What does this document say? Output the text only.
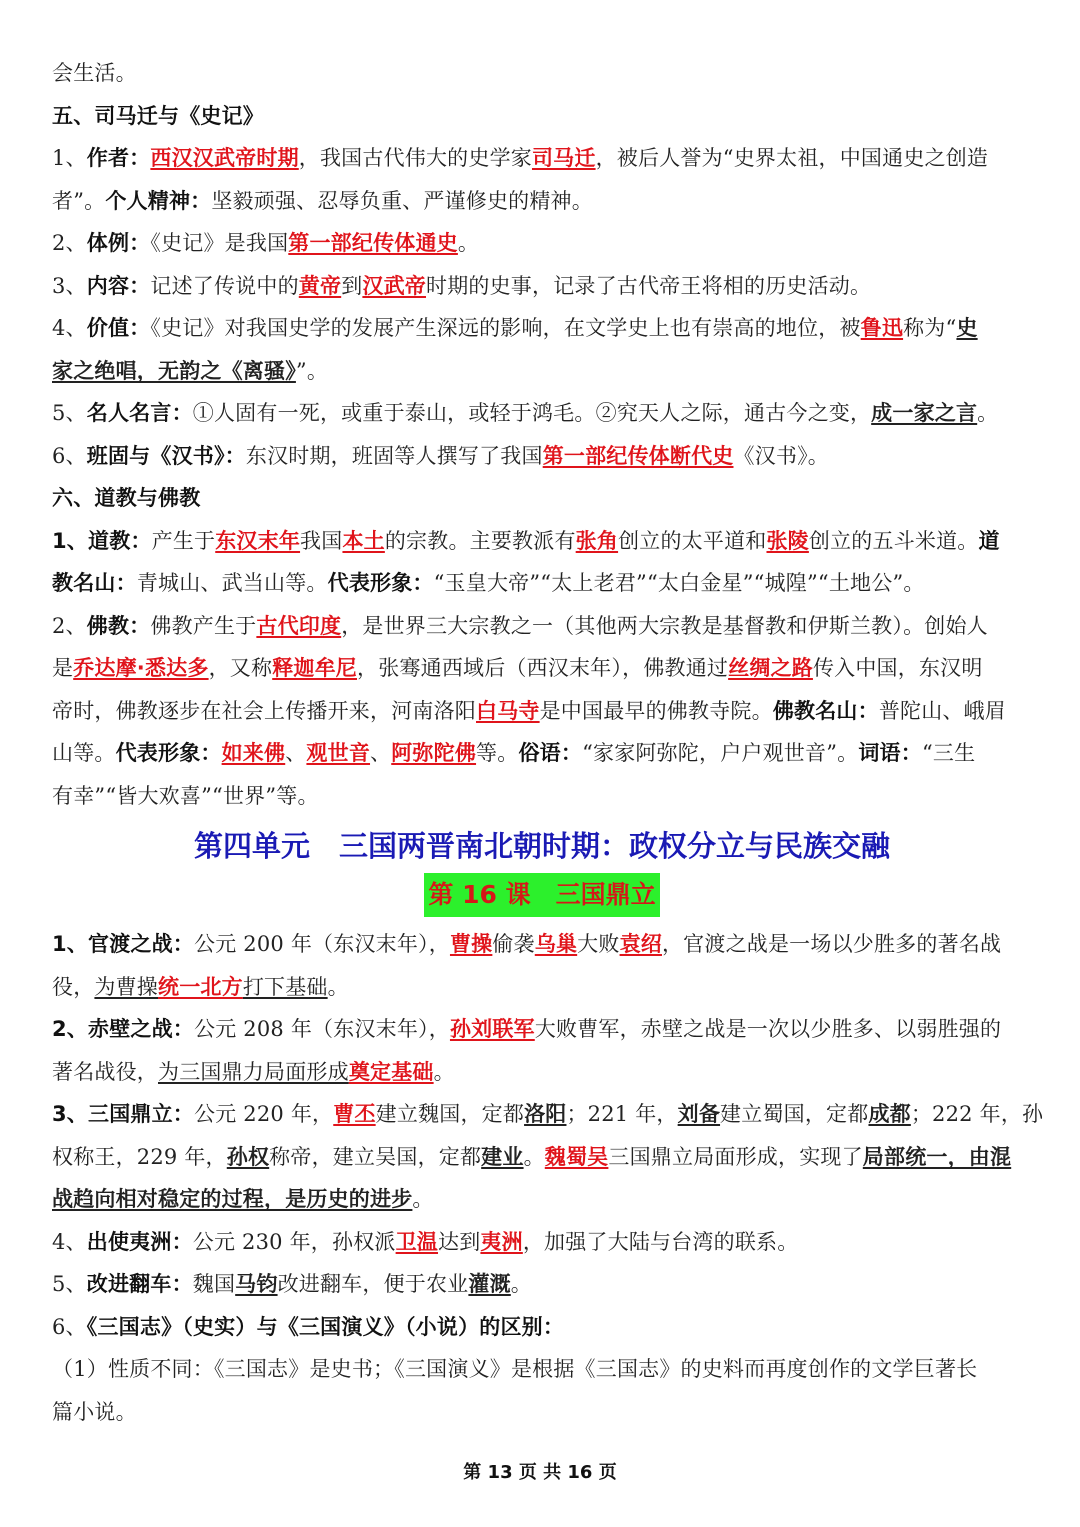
会生活。

五、司马迁与《史记》

1、作者：西汉汉武帝时期，我国古代伟大的史学家司马迁，被后人誉为“史界太祖，中国通史之创造

者”。个人精神：坚毅顽强、忍辱负重、严谨修史的精神。

2、体例：《史记》是我国第一部纪传体通史。

3、内容：记述了传说中的黄帝到汉武帝时期的史事，记录了古代帝王将相的历史活动。

4、价值：《史记》对我国史学的发展产生深远的影响，在文学史上也有崇高的地位，被鲁迅称为“史

家之绝唱，无韵之《离骚》”。

5、名人名言：①人固有一死，或重于泰山，或轻于鸿毛。②究天人之际，通古今之变，成一家之言。

6、班固与《汉书》：东汉时期，班固等人撰写了我国第一部纪传体断代史《汉书》。

六、道教与佛教

1、道教：产生于东汉末年我国本土的宗教。主要教派有张角创立的太平道和张陵创立的五斗米道。道

教名山：青城山、武当山等。代表形象：“玉皇大帝”“太上老君”“太白金星”“城隍”“土地公”。

2、佛教：佛教产生于古代印度，是世界三大宗教之一（其他两大宗教是基督教和伊斯兰教）。创始人

是乔达摩·悉达多，又称释迦牟尼，张骞通西域后（西汉末年），佛教通过丝绸之路传入中国，东汉明

帝时，佛教逐步在社会上传播开来，河南洛阳白马寺是中国最早的佛教寺院。佛教名山：普陀山、峨眉

山等。代表形象：如来佛、观世音、阿弥陀佛等。俗语：“家家阿弥陀，户户观世音”。词语：“三生

有幸”“皆大欢喜”“世界”等。

第四单元　三国两晋南北朝时期：政权分立与民族交融
第 16 课　三国鼎立

1、官渡之战：公元 200 年（东汉末年），曹操偷袭乌巢大败袁绍，官渡之战是一场以少胜多的著名战

役，为曹操统一北方打下基础。

2、赤壁之战：公元 208 年（东汉末年），孙刘联军大败曹军，赤壁之战是一次以少胜多、以弱胜强的

著名战役，为三国鼎力局面形成奠定基础。

3、三国鼎立：公元 220 年，曹丕建立魏国，定都洛阳；221 年，刘备建立蜀国，定都成都；222 年，孙

权称王，229 年，孙权称帝，建立吴国，定都建业。魏蜀吴三国鼎立局面形成，实现了局部统一，由混

战趋向相对稳定的过程，是历史的进步。

4、出使夷洲：公元 230 年，孙权派卫温达到夷洲，加强了大陆与台湾的联系。

5、改进翻车：魏国马钧改进翻车，便于农业灌溉。

6、《三国志》（史实）与《三国演义》（小说）的区别：

（1）性质不同：《三国志》是史书；《三国演义》是根据《三国志》的史料而再度创作的文学巨著长

篇小说。

第 13 页 共 16 页
